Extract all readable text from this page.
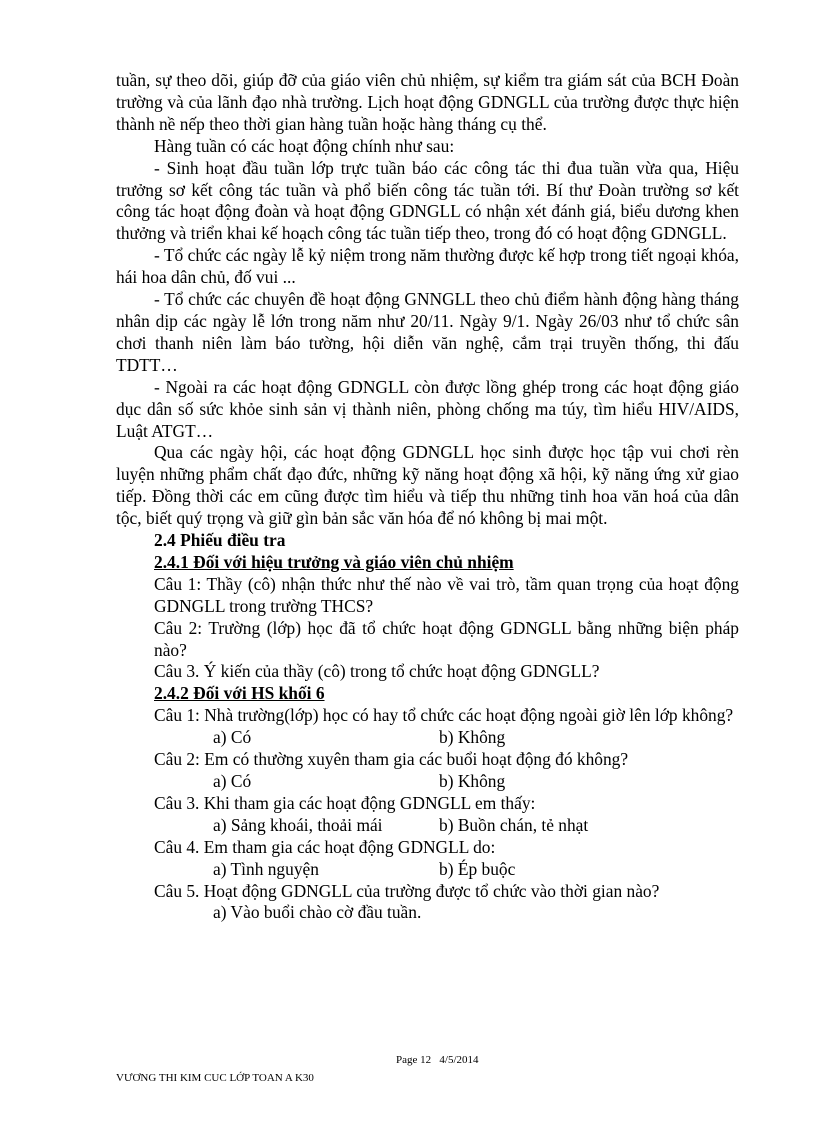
tuần, sự theo dõi, giúp đỡ của giáo viên chủ nhiệm, sự kiểm tra giám sát của BCH Đoàn trường và của lãnh đạo nhà trường. Lịch hoạt động GDNGLL của trường được thực hiện thành nề nếp theo thời gian hàng tuần hoặc hàng tháng cụ thể.

Hàng tuần có các hoạt động chính như sau:

- Sinh hoạt đầu tuần lớp trực tuần báo các công tác thi đua tuần vừa qua, Hiệu trưởng sơ kết công tác tuần và phổ biến công tác tuần tới. Bí thư Đoàn trường sơ kết công tác hoạt động đoàn và hoạt động GDNGLL có nhận xét đánh giá, biểu dương khen thưởng và triển khai kế hoạch công tác tuần tiếp theo, trong đó có hoạt động GDNGLL.

- Tổ chức các ngày lễ kỷ niệm trong năm thường được kế hợp trong tiết ngoại khóa, hái hoa dân chủ, đố vui ...

- Tổ chức các chuyên đề hoạt động GNNGLL theo chủ điểm hành động hàng tháng nhân dịp các ngày lễ lớn trong năm như 20/11. Ngày 9/1. Ngày 26/03 như tổ chức sân chơi thanh niên làm báo tường, hội diễn văn nghệ, cắm trại truyền thống, thi đấu TDTT…

- Ngoài ra các hoạt động GDNGLL còn được lồng ghép trong các hoạt động giáo dục dân số sức khỏe sinh sản vị thành niên, phòng chống ma túy, tìm hiểu HIV/AIDS, Luật ATGT…

Qua các ngày hội, các hoạt động GDNGLL học sinh được học tập vui chơi rèn luyện những phẩm chất đạo đức, những kỹ năng hoạt động xã hội, kỹ năng ứng xử giao tiếp. Đồng thời các em cũng được tìm hiểu và tiếp thu những tinh hoa văn hoá của dân tộc, biết quý trọng và giữ gìn bản sắc văn hóa để nó không bị mai một.

2.4 Phiếu điều tra

2.4.1 Đối với hiệu trưởng và giáo viên chủ nhiệm

Câu 1: Thầy (cô) nhận thức như thế nào về vai trò, tầm quan trọng của hoạt động GDNGLL trong trường THCS?

Câu 2: Trường (lớp) học đã tổ chức hoạt động GDNGLL bằng những biện pháp nào?

Câu 3. Ý kiến của thầy (cô) trong tổ chức hoạt động GDNGLL?

2.4.2 Đối với HS khối 6

Câu 1: Nhà trường(lớp) học có hay tổ chức các hoạt động ngoài giờ lên lớp không?

a) Có	b) Không

Câu 2: Em có thường xuyên tham gia các buổi hoạt động đó không?

a) Có	b) Không

Câu 3. Khi tham gia các hoạt động GDNGLL em thấy:

a) Sảng khoái, thoải mái	b) Buồn chán, tẻ nhạt

Câu 4. Em tham gia các hoạt động GDNGLL do:

a) Tình nguyện	b) Ép buộc

Câu 5. Hoạt động GDNGLL của trường được tổ chức vào thời gian nào?

a) Vào buổi chào cờ đầu tuần.

Page 12 4/5/2014
VƯƠNG THI KIM CUC LỚP TOAN A K30
